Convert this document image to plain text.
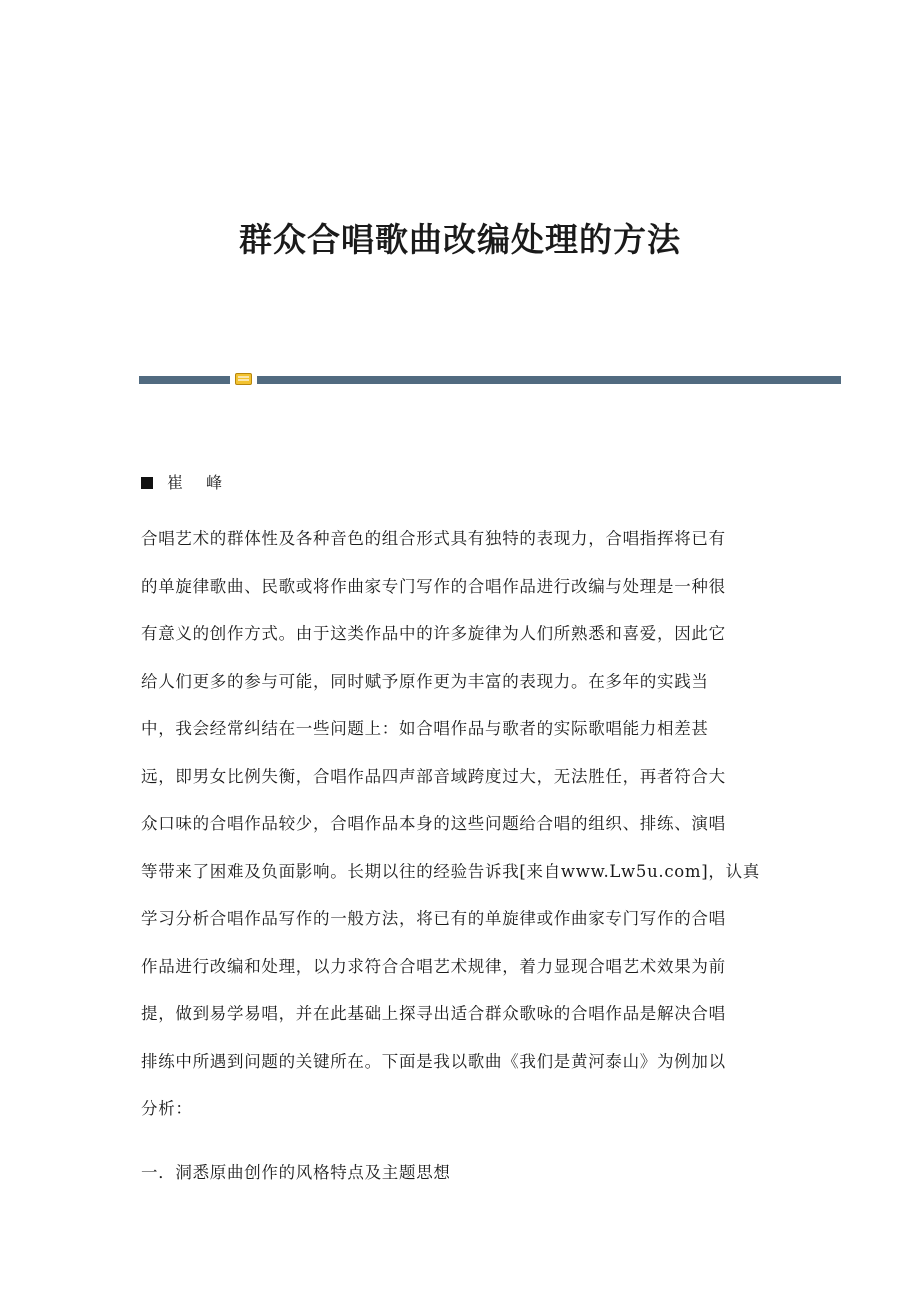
群众合唱歌曲改编处理的方法
崔 峰
合唱艺术的群体性及各种音色的组合形式具有独特的表现力，合唱指挥将已有
的单旋律歌曲、民歌或将作曲家专门写作的合唱作品进行改编与处理是一种很
有意义的创作方式。由于这类作品中的许多旋律为人们所熟悉和喜爱，因此它
给人们更多的参与可能，同时赋予原作更为丰富的表现力。在多年的实践当
中，我会经常纠结在一些问题上：如合唱作品与歌者的实际歌唱能力相差甚
远，即男女比例失衡，合唱作品四声部音域跨度过大，无法胜任，再者符合大
众口味的合唱作品较少，合唱作品本身的这些问题给合唱的组织、排练、演唱
等带来了困难及负面影响。长期以往的经验告诉我[来自www.Lw5u.com]，认真
学习分析合唱作品写作的一般方法，将已有的单旋律或作曲家专门写作的合唱
作品进行改编和处理，以力求符合合唱艺术规律，着力显现合唱艺术效果为前
提，做到易学易唱，并在此基础上探寻出适合群众歌咏的合唱作品是解决合唱
排练中所遇到问题的关键所在。下面是我以歌曲《我们是黄河泰山》为例加以
分析：
一．洞悉原曲创作的风格特点及主题思想
